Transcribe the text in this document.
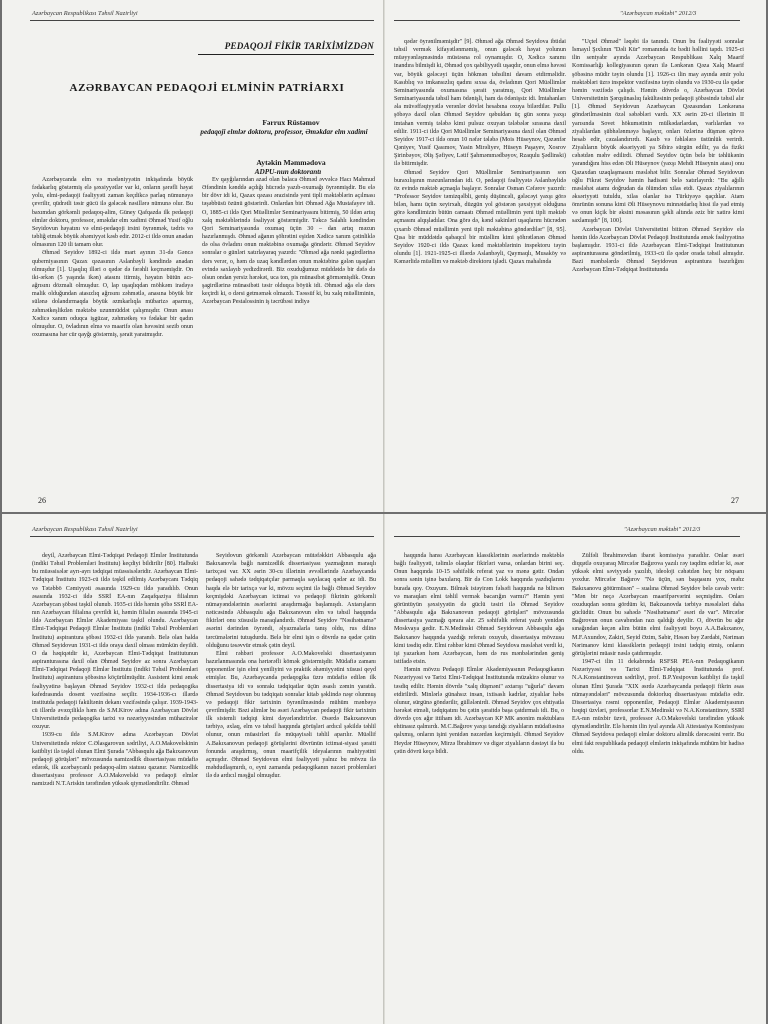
Azərbaycan Respublikası Təhsil Nazirliyi	"Azərbaycan məktəbi" 2012/3
PEDAQOJİ FİKİR TARİXİMİZDƏN
AZƏRBAYCAN PEDAQOJİ ELMİNİN PATRİARXI
Fərrux Rüstəmov
pedaqoji elmlər doktoru, professor, Əməkdar elm xadimi
Aytəkin Məmmədova
ADPU-nun doktorantı

Azərbaycanda elm və mədəniyyətin inkişafında böyük fədakarlıq göstərmiş elə şəxsiyyətlər var ki, onların şərəfli həyat yolu, elmi-pedaqoji fəaliyyəti zaman keçdikcə parlaq nümunəyə çevrilir, qüdrətli təsir gücü ilə gələcək nəsillərə nümunə olur. Bu baxımdan görkəmli pedaqoq-alim, Güney Qafqazda ilk pedaqoji elmlər doktoru, professor, əməkdar elm xadimi Əhməd Yusif oğlu Seyidovun həyatını və elmi-pedaqoji irsini öyrənmək, tədris və təbliğ etmək böyük əhəmiyyət kəsb edir. 2012-ci ildə onun anadan olmasının 120 ili tamam olur.

Əhməd Seyidov 1892-ci ildə mart ayının 31-də Gəncə quberniyasının Qazax qəzasının Aslanbəyli kəndində anadan olmuşdur [1]. Uşaqlıq illəri o qədər də fərəhli keçməmişdir. On iki-ərkən (5 yaşında ikən) atasını itirmiş, həyatın bütün acı-ağrısını dözmali olmuşdur. O, lap uşaqlıqdan möhkəm iradəyə malik olduğundan atasızlıq ağrısını zəhmətlə, anasına böyük bir sülənə dolandırmaqda böyük əzmkarlıqla mübarizə aparmış, zəhmətkeşlikdən məktəbə uzunmüddət çalışmışdır. Onun anası Xədicə xanım oduqca işgüzar, zəhmətkeş və fədakar bir qadın olmuşdur. O, övladının elmə və maarifə olan həvəsini sezib onun oxumasına hər cür qayğı göstərmiş, şərait yaratmışdır.

Ev qayğılarından azad olan balaca Əhməd əvvəlcə Hacı Mahmud Əfəndinin kənddə açdığı hücrədə yazıb-oxumağı öyrənmişdir. Bu elə bir dövr idi ki, Qazax qəzası ərazisində yeni tipli məktəblərin açılması təşəbbüsü özünü göstərirdi. Onlardan biri Əhməd Ağa Mustafayev idi. O, 1885-ci ildə Qori Müəllimlər Seminariyasını bitirmiş, 50 ildən artıq xalq məktəblərində fəaliyyət göstərmişdir. Təkcə Salahlı kəndindən Qori Seminariyasında oxumaq üçün 30 – dan artıq məzun hazırlanmışdı. Əhməd ağanın şöhrətini eşidən Xədicə xanım çətinliklə də olsa övladını onun məktəbinə oxumağa göndərir. Əhməd Seyidov sonralar o günləri xatırlayaraq yazırdı: "Əhməd ağa nənki şagirdlərinə dərs verər, o, həm də uzaq kəndlərdən onun məktəbinə gələn uşaqları evində saxlayıb yedizdirərdi. Biz oxuduğumuz müddətdə bir dəfə də olsun ondan yersiz hərəkət, uca ton, pis münasibət görməmişdik. Onun şagirdlərinə münasibəti təsir olduqca böyük idi. Əhməd ağa elə dərs keçirdi ki, o dərsi getməmək olmazdı. Təəssüf ki, bu xalq müəlliminin, Azərbaycan Pestalossinin iş təcrübəsi indiyə

qədər öyrənilməmişdir" [9]. Əhməd ağa Əhməd Seyidova ibtidai təhsil vermək kifayətlənməmiş, onun gələcək həyat yolunun müəyyənləşməsində müstəsna rol oynamışdır. O, Xədicə xanımı inandıra bilmişdi ki, Əhməd çox qabiliyyətli uşaqdır, onun elmə həvəsi var, böyük gələcəyi üçün hökmən təhsilini davam etdirməlidir. Kasıblıq və imkansızlıq qadını sıxsa da, övladının Qori Müəllimlər Seminariyasında oxumasına şərait yaratmış, Qori Müəllimlər Seminariyasında təhsil ham ödənişli, ham da ödənişsiz idi. İmtahanları əla müvəffəqiyyətlə verənlər dövlət hesabına oxuya bilərdilər. Pullu şöbəyə daxil olan Əhməd Seyidov qəbuldan üç gün sonra yaxşı imtahan vermiş tələbə kimi pulsuz oxuyan tələbələr sırasına daxil edilir. 1911-ci ildə Qori Müəllimlər Seminariyasına daxil olan Əhməd Seyidov 1917-ci ildə onun 10 nəfər tələbə (Mois Hüseynov, Qəzənfər Qəniyev, Yusif Qasımov, Yasin Mirəliyev, Hüseyn Paşayev, Xosrov Şirinbəyov, Əliş Şəfiyev, Lətif Şahməmmədbəyov, Rzaqulu Şədlinski) ilə bitirmişdir.

Əhməd Seyidov Qori Müəllimlər Seminariyasının son buraxılışının məzunlarından idi. O, pedaqoji fəaliyyətə Aslanbəylidə öz evində məktəb açmaqla başlayır. Sonralar Osman Cəfərov yazırdı: "Professor Seyidov təmizqəlbli, geniş düşüncəli, gələcəyi yaxşı görə bilən, hamı üçün xeyirxah, düzgün yol göstərən şəxsiyyət olduğuna görə kəndlimizin bütün camaatı Əhməd müəllimin yeni tipli məktəb açmasını alqışladılar. Ona görə də, kənd sakinləri uşaqlarını hücrədən çıxarıb Əhməd müəllimin yeni tipli məktəbinə göndərdilər" [8, 95]. Qısa bir müddətdə qabaqcıl bir müəllim kimi şöhrətlənən Əhməd Seyidov 1920-ci ildə Qazax kənd məktəblərinin inspektoru təyin olundu [1]. 1921-1925-ci illərdə Aslanbəyli, Qaymaqlı, Musaköy və Kəmərlidə müəllim və məktəb direktoru işlədi. Qazax mahalında

"Uçtel Əhməd" ləqəbi ilə tanındı. Onun bu fəaliyyəti sonralar İsmayıl Şıxlının "Dəli Kür" romanında öz bədii həllini tapdı. 1925-ci ilin sentyabr ayında Azərbaycan Respublikası Xalq Maarif Komissarlığı kollegiyasının qərarı ilə Lənkəran Qəza Xalq Maarif şöbəsinə müdir təyin olundu [1]. 1926-cı ilin may ayında əmir yolu məktəbləri üzrə inspektor vəzifəsinə təyin olundu və 1930-cu ilə qədər həmin vəzifədə çalışdı. Həmin dövrdə o, Azərbaycan Dövlət Universitetinin Şərqşünaslıq fakültəsinin pedaqoji şöbəsində təhsil alır [1]. Əhməd Seyidovun Azərbaycan Qəzasından Lənkərana göndərilməsinin özəl səbəbləri vardı. XX əsrin 20-ci illərinin II yarısında Sovet hökumətinin mülkədarlardan, varlılardan və ziyalılardan şübhələnməyə başlayır, onları özlərinə düşmən qüvvə hesab edir, cəzalandırırdı. Kasıb və fəhlələrə üstünlük verirdi. Ziyalıların böyük əksəriyyəti ya Sibirə sürgün edilir, ya da fiziki cəhətdən məhv edilirdi. Əhməd Seyidov üçün belə bir təhlükənin yarandığını hiss edən Əli Hüseynov (yaxşı Mehdi Hüseynin atası) onu Qazaxdan uzaqlaşmasını məsləhət bilir. Sonralar Əhməd Seyidovun oğlu Fikrət Seyidov həmin hadisəni belə xatırlayırdı: "Bu ağıllı məsləhət atamı doğrudan da ölümdən xilas etdi. Qazax ziyalılarının əksəriyyəti tutuldu, xilas olanlar isə Türkiyəyə qaçdılar. Atam ömrünün sonuna kimi Əli Hüseynovu minnətdarlıq hissi ilə yad etmiş və onun kiçik bir əksini məsasının ş̧əkli altında əziz bir xatirə kimi saxlamışdı" [8, 100].

Azərbaycan Dövlət Universitetini bitirən Əhməd Seyidov elə həmin ildə Azərbaycan Dövlət Pedaqoji İnstitutunda əmək fəaliyyətinə başlamışdır. 1931-ci ildə Azərbaycan Elmi-Tədqiqat İnstitutunun aspiranturasına göndərilmiş, 1933-cü ilə qədər orada təhsil almışdır. Bazi mənbələrdə Əhməd Seyidovun aspirantura bazırlığını Azərbaycan Elmi-Tədqiqat İnstitutunda

26	27
Azərbaycan Respublikası Təhsil Nazirliyi	"Azərbaycan məktəbi" 2012/3

deyil, Azərbaycan Elmi-Tədqiqat Pedaqoji Elmlər İnstitutunda (indiki Təhsil Problemləri İnstitutu) keçdiyi bildirilir [80]. Halbuki bu müəssisələr ayrı-ayrı tədqiqat müəssisələridir. Azərbaycan Elmi-Tədqiqat İnstitutu 1923-cü ildə təşkil edilmiş Azərbaycanı Tədqiq və Tətəbbö Cəmiyyəti əsasında 1929-cu ildə yaradılıb. Onun əsasında 1932-ci ildə SSRİ EA-nın Zaqafqaziya filialının Azərbaycan şöbəsi təşkil olunub. 1935-ci ildə həmin şöbə SSRİ EA-nın Azərbaycan filialına çevrildi ki, həmin filialın əsasında 1945-ci ildə Azərbaycan Elmlər Akademiyası təşkil olundu. Azərbaycan Elmi-Tədqiqat Pedaqoji Elmlər İnstitutu (indiki Təhsil Problemləri İnstitutu) aspirantura şöbəsi 1932-ci ildə yaranıb. Belə olan halda Əhməd Seyidovun 1931-ci ildə oraya daxil olması mümkün deyildi. O da həqiqətdir ki, Azərbaycan Elmi-Tədqiqat İnstitutunun aspiranturasına daxil olan Əhməd Seyidov az sonra Azərbaycan Elmi-Tədqiqat Pedaqoji Elmlər İnstitutu (indiki Təhsil Problemləri İnstitutu) aspirantura şöbəsinə köçürülmüşdür. Assistent kimi əmək fəaliyyətinə başlayan Əhməd Seyidov 1932-ci ildə pedaqogika kafedrasında dosent vəzifəsinə seçilir. 1934-1936-cı illərdə institutda pedaqoji fakültənin dekanı vəzifəsində çalışır. 1939-1943-cü illərdə əvəzçiliklə həm də S.M.Kirov adına Azərbaycan Dövlət Universitetində pedaqogika tarixi və nəzəriyyəsindən mühazirələr oxuyur.

1939-cu ildə S.M.Kirov adına Azərbaycan Dövlət Universitetində rektor C.Əlasgarovun sədriliyi, A.O.Makovelskinin katibliyi ilə təşkil olunan Elmi Şurada "Abbasqulu ağa Bakıxanovun pedaqoji görüşləri" mövzusunda namizədlik dissertasiyası müdafiə edərək, ilk azərbaycanlı pedaqoq-alim statusu qazanır. Namizədlik dissertasiyası professor A.O.Makovelski və pedaqoji elmlər namizədi N.T.Ariskin tərəfindən yüksək qiymətləndirilir. Əhməd

Seyidovun görkəmli Azərbaycan mütəfəkkiri Abbasqulu ağa Bakıxanovla bağlı namizədlik dissertasiyası yazmağının maraqlı tarixçəsi var. XX əsrin 30-cu illərinin əvvəllərində Azərbaycanda pedaqoji sahədə tədqiqatçılar parmaqla sayılacaq qədər az idi. Bu haqda elə bir tarixçə var ki, mövzu seçimi ilə bağlı Əhməd Seyidov keçmişdəki Azərbaycan ictimai və pedaqoji fikrinin görkəmli nümayəndələrinin əsərlərini araşdırmağa başlamışdı. Axtarışların nəticəsində Abbasqulu ağa Bakıxanovun elm və təhsil haqqında fikirləri onu xüsusilə maraqlandırdı. Əhməd Seyidov "Nəsihətnamə" əsərini dərindən öyrəndi, əlyazmalarla tanış oldu, rus dilinə tərcümələrini tutuşdurdu. Belə bir elmi işin o dövrdə nə qədər çətin olduğunu təsəvvür etmək çətin deyil.

Elmi rəhbəri professor A.O.Makovelski dissertasiyanın hazırlanmasında ona hərtərəfli kömək göstərmişdir. Müdafiə zamanı opponentlər işin elmi yeniliyini və praktik əhəmiyyətini xüsusi qeyd etmişlər. Bu, Azərbaycanda pedaqogika üzrə müdafiə edilən ilk dissertasiya idi və sonrakı tədqiqatlar üçün əsaslı zəmin yaratdı. Əhməd Seyidovun bu tədqiqatı sonralar kitab şəklində nəşr olunmuş və pedaqoji fikir tarixinin öyrənilməsində mühüm mənbəyə çevrilmişdir. Bəzi alimlər bu əsəri Azərbaycan pedaqoji fikir tarixinin ilk sistemli tədqiqi kimi dəyərləndirirlər. Əsərdə Bakıxanovun tərbiyə, əxlaq, elm və təhsil haqqında görüşləri ardıcıl şəkildə təhlil olunur, onun müasirləri ilə müqayisəli təhlil aparılır. Müəllif A.Bakıxanovun pedaqoji görüşlərini dövrünün ictimai-siyasi şəraiti fonunda araşdırmış, onun maarifçilik ideyalarının mahiyyətini açmışdır. Əhməd Seyidovun elmi fəaliyyəti yalnız bu mövzu ilə məhdudlaşmırdı, o, eyni zamanda pedaqogikanın nəzəri problemləri ilə də ardıcıl məşğul olmuşdur.

haqqında hansı Azərbaycan klassiklərinin əsərlərində məktəblə bağlı fəaliyyəti, təlimlə olaqdar fikirləri varsa, onlardan birini seç. Onun haqqında 10-15 səhifəlik referat yaz və mənə gətir. Ondan sonra sənin işinə baxılarıq. Bir də Con Lokk haqqında yazdıqlarını burada qoy. Oxuyum. Bilmək istəyirəm fəlsəfi haqqında nə bilirsən və maraqları elmi təhlil vermək bacarığın varmı?" Həmin yeni görüntüyün şəxsiyyətin də güclü təsiri ilə Əhməd Seyidov "Abbasqulu ağa Bakıxanovun pedaqoji görüşləri" mövzusunda dissertasiya yazmağı qərara alır. 25 səhifəlik referat yazıb yenidən Moskvaya gedir. E.N.Medinski Əhməd Seyidovun Abbasqulu ağa Bakıxanov haqqında yazdığı referatı oxuyub, dissertasiya mövzusu kimi təsdiq edir. Elmi rəhbər kimi Əhməd Seyidova məsləhət verdi ki, işi yazarkən həm Azərbaycan, həm də rus mənbələrindən geniş istifadə etsin.

Həmin mövzu Pedaqoji Elmlər Akademiyasının Pedaqogikanın Nəzəriyyəsi və Tarixi Elmi-Tədqiqat İnstitutunda müzakirə olunur və təsdiq edilir. Həmin dövrdə "xalq düşməni" axtarışı "uğurla" davam etdirilirdi. Minlərlə günahsız insan, ixtisaslı kadrlar, ziyalılar həbs olunur, sürgünə göndərilir, güllələnirdi. Əhməd Seyidov çox ehtiyatla hərəkət etməli, tədqiqatını bu çətin şəraitdə başa çatdırmalı idi. Bu, o dövrdə çox ağır ittiham idi. Azərbaycan KP MK anonim məktublara ehtinasız qalmırdı. M.C.Bağırov yaxşı tanıdığı ziyalıların müdafiəsinə qalxmış, onların işini yenidən nəzərdən keçirmişdi. Əhməd Seyidov Heydər Hüseynov, Mirzə İbrahimov və digər ziyalıların dəstəyi ilə bu çətin dövrü keçə bildi.

Zülfəli İbrahimovdan ibarət komissiya yaradılır. Onlar əsəri diqqətlə oxuyaraq Mircəfər Bağırova yazılı rəy təqdim edirlər ki, əsər yüksək elmi səviyyədə yazılıb, ideoloji cəhətdən heç bir nöqsanı yoxdur. Mircəfər Bağırov "Nə üçün, sən başqasını yox, məhz Bakıxanovu götürmüsən" – sualına Əhməd Seyidov belə cavab verir: "Mən bir neçə Azərbaycan maarifpərvərini seçmişdim. Onları oxuduqdan sonra gördüm ki, Bakıxanovda tərbiyə məsələləri daha güclüdür. Onun bu sahədə "Nəsihətnamə" əsəri də var". Mircəfər Bağırovun onun cavabından razı qaldığı deyilir. O, dövrün bu ağır sınağından keçən alim bütün elmi fəaliyyəti boyu A.A.Bakıxanov, M.F.Axundov, Zakiri, Seyid Əzim, Sabir, Həsən bəy Zərdabi, Nəriman Nərimanov kimi klassiklərin pedaqoji irsini tədqiq etmiş, onların görüşlərini müasir nəslə çatdırmışdır.

1947-ci ilin 11 dekabrında RSFSR PEA-nın Pedaqogikanın Nəzəriyyəsi və Tarixi Elmi-Tədqiqat İnstitutunda prof. N.A.Konstantinovun sədriliyi, prof. B.P.Yesipovun katibliyi ilə təşkil olunan Elmi Şurada "XIX əsrdə Azərbaycanda pedaqoji fikrin əsas nümayəndələri" mövzusunda doktorluq dissertasiyası müdafiə edir. Dissertasiya rəsmi opponentlər, Pedaqoji Elmlər Akademiyasının həqiqi üzvləri, professorlar E.N.Medinski və N.A.Konstantinov, SSRİ EA-nın müxbir üzvü, professor A.O.Makovelski tərəfindən yüksək qiymətləndirilir. Elə həmin ilin iyul ayında Ali Attestasiya Komissiyası Əhməd Seyidova pedaqoji elmlər doktoru alimlik dərəcəsini verir. Bu elmi fakt respublikada pedaqoji elmlərin inkişafında mühüm bir hadisə oldu.
